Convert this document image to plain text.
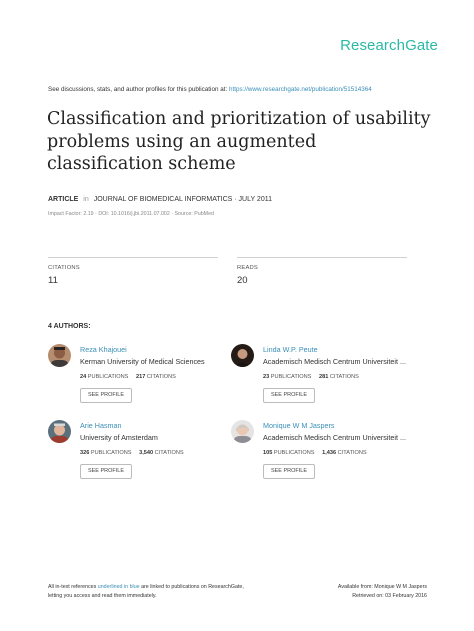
ResearchGate
See discussions, stats, and author profiles for this publication at: https://www.researchgate.net/publication/51514364
Classification and prioritization of usability problems using an augmented classification scheme
ARTICLE in JOURNAL OF BIOMEDICAL INFORMATICS · JULY 2011
Impact Factor: 2.19 · DOI: 10.1016/j.jbi.2011.07.002 · Source: PubMed
CITATIONS
11
READS
20
4 AUTHORS:
Reza Khajouei
Kerman University of Medical Sciences
24 PUBLICATIONS 217 CITATIONS
SEE PROFILE
Linda W.P. Peute
Academisch Medisch Centrum Universiteit ...
23 PUBLICATIONS 281 CITATIONS
SEE PROFILE
Arie Hasman
University of Amsterdam
326 PUBLICATIONS 3,540 CITATIONS
SEE PROFILE
Monique W M Jaspers
Academisch Medisch Centrum Universiteit ...
105 PUBLICATIONS 1,436 CITATIONS
SEE PROFILE
All in-text references underlined in blue are linked to publications on ResearchGate,
letting you access and read them immediately.
Available from: Monique W M Jaspers
Retrieved on: 03 February 2016
